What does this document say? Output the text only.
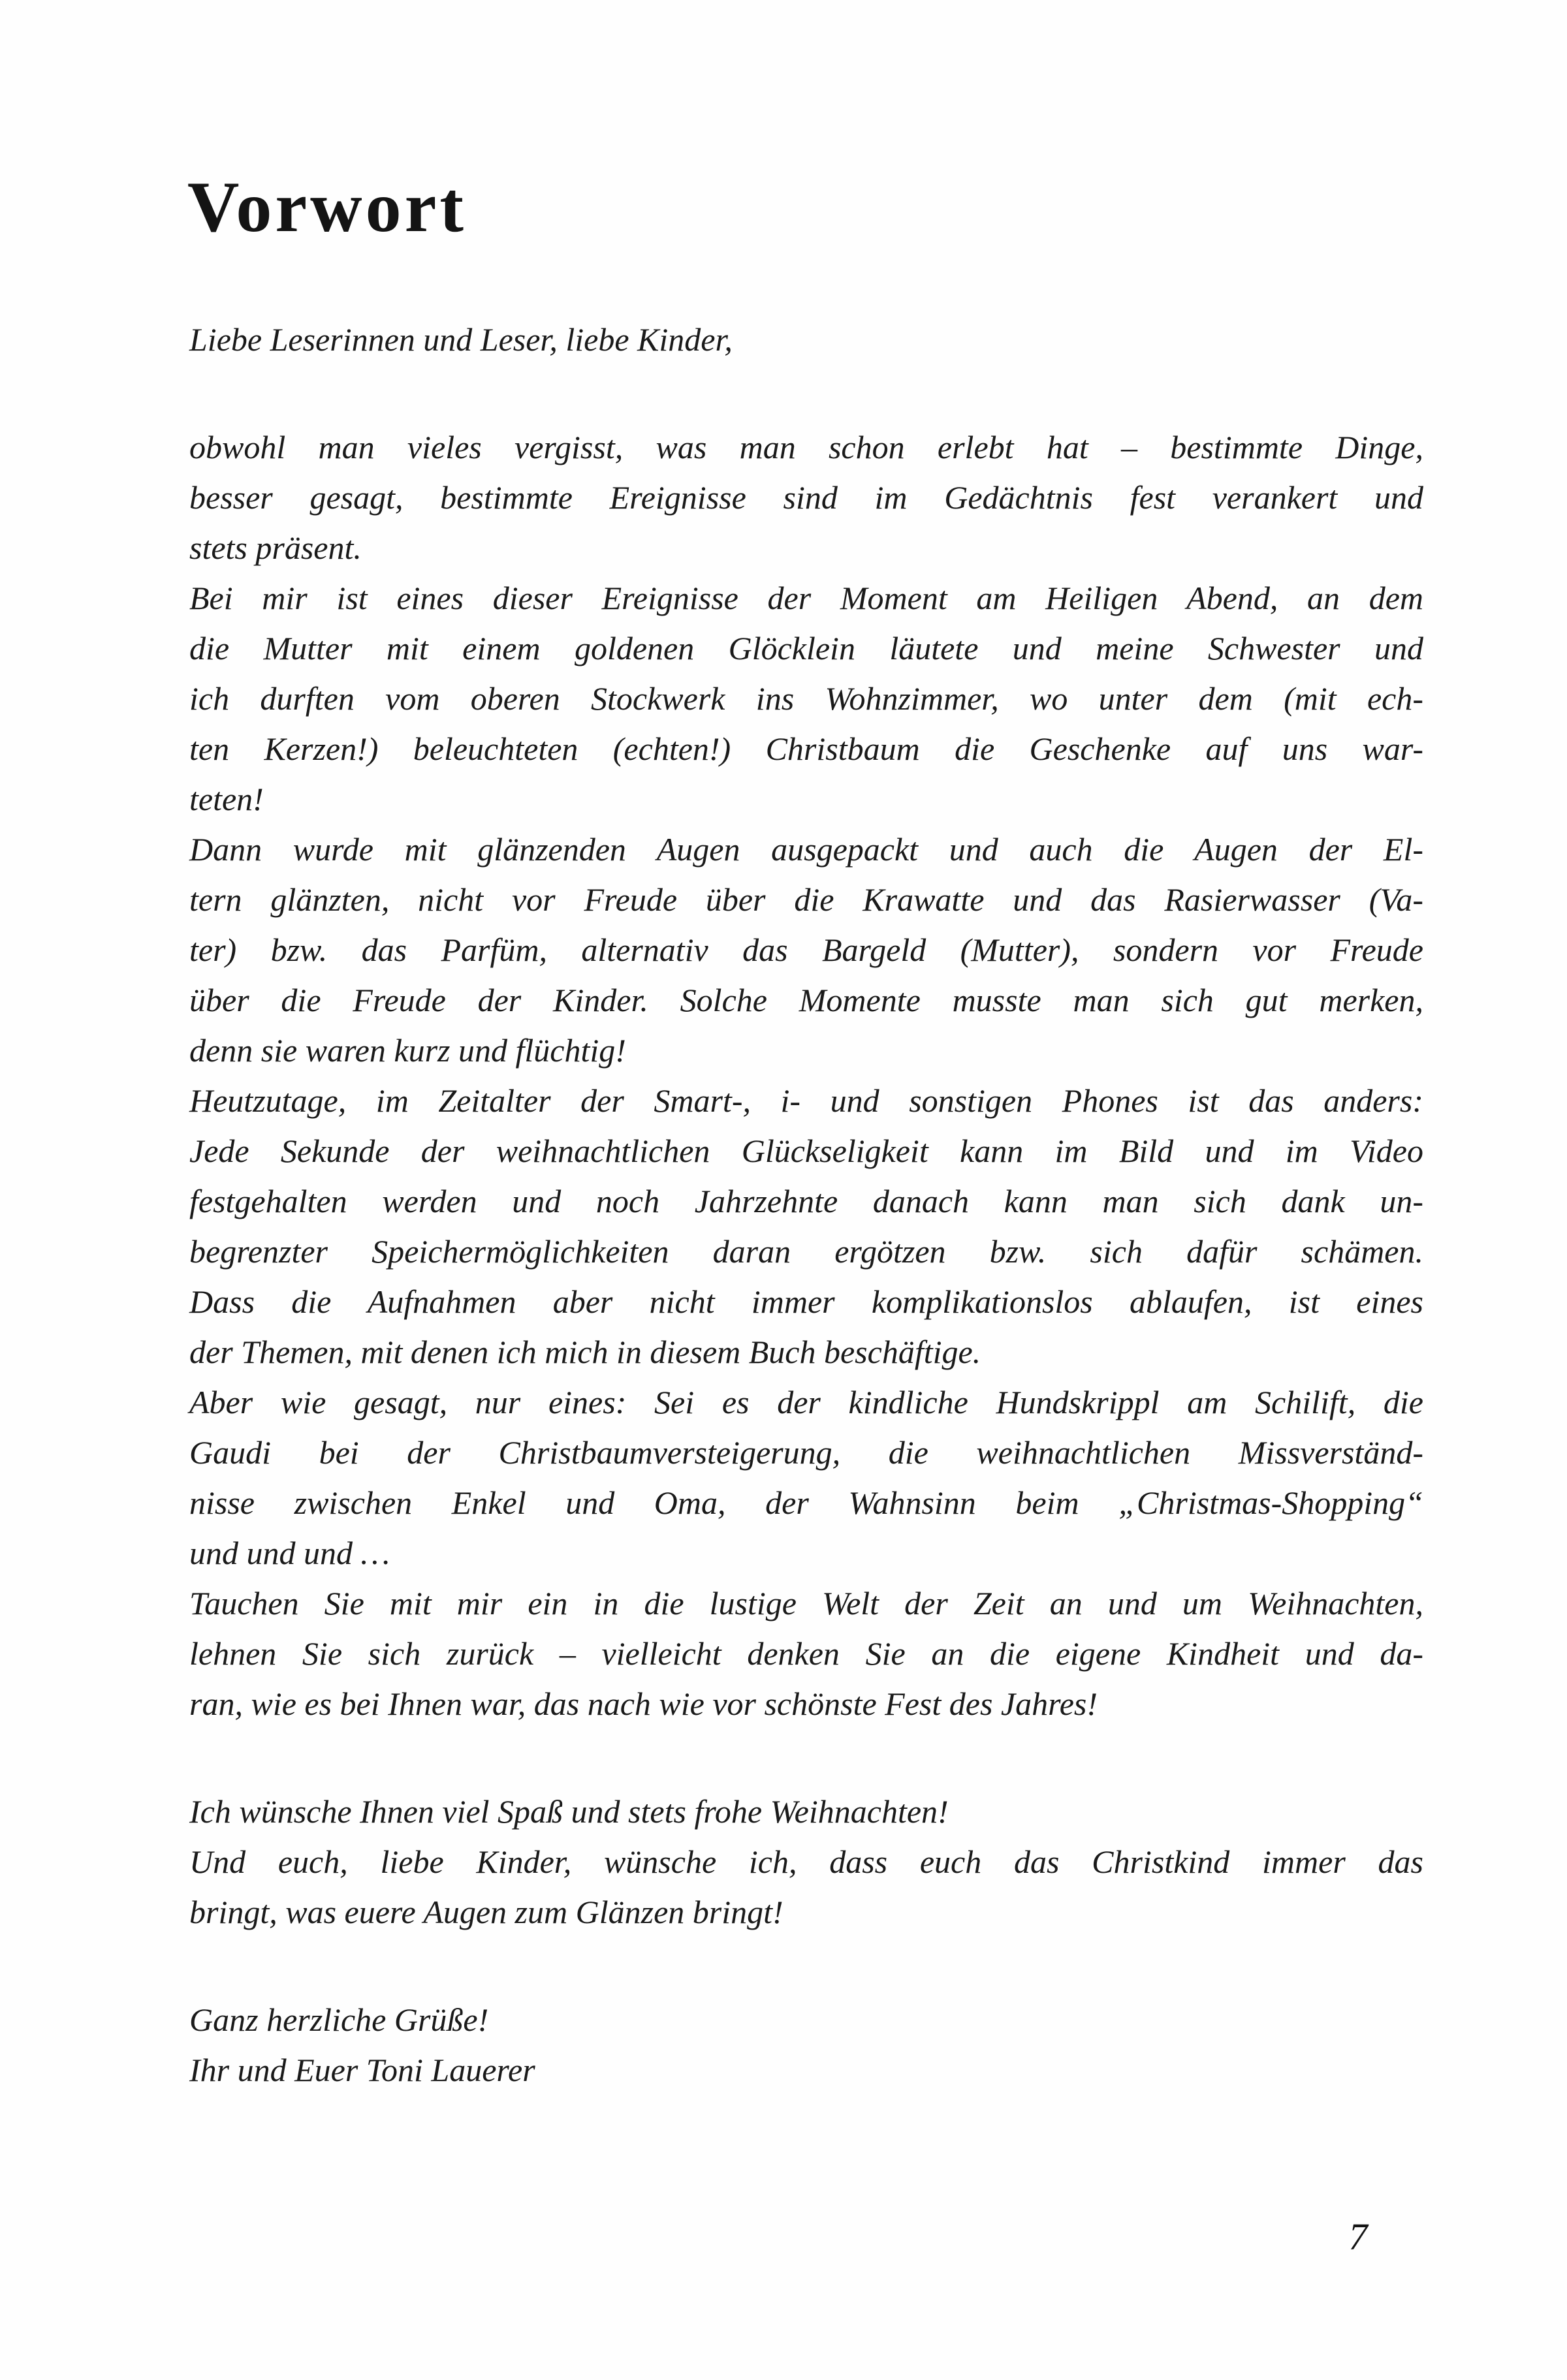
Vorwort
Liebe Leserinnen und Leser, liebe Kinder,
obwohl man vieles vergisst, was man schon erlebt hat – bestimmte Dinge,
besser gesagt, bestimmte Ereignisse sind im Gedächtnis fest verankert und
stets präsent.
Bei mir ist eines dieser Ereignisse der Moment am Heiligen Abend, an dem
die Mutter mit einem goldenen Glöcklein läutete und meine Schwester und
ich durften vom oberen Stockwerk ins Wohnzimmer, wo unter dem (mit ech-
ten Kerzen!) beleuchteten (echten!) Christbaum die Geschenke auf uns war-
teten!
Dann wurde mit glänzenden Augen ausgepackt und auch die Augen der El-
tern glänzten, nicht vor Freude über die Krawatte und das Rasierwasser (Va-
ter) bzw. das Parfüm, alternativ das Bargeld (Mutter), sondern vor Freude
über die Freude der Kinder. Solche Momente musste man sich gut merken,
denn sie waren kurz und flüchtig!
Heutzutage, im Zeitalter der Smart-, i- und sonstigen Phones ist das anders:
Jede Sekunde der weihnachtlichen Glückseligkeit kann im Bild und im Video
festgehalten werden und noch Jahrzehnte danach kann man sich dank un-
begrenzter Speichermöglichkeiten daran ergötzen bzw. sich dafür schämen.
Dass die Aufnahmen aber nicht immer komplikationslos ablaufen, ist eines
der Themen, mit denen ich mich in diesem Buch beschäftige.
Aber wie gesagt, nur eines: Sei es der kindliche Hundskrippl am Schilift, die
Gaudi bei der Christbaumversteigerung, die weihnachtlichen Missverständ-
nisse zwischen Enkel und Oma, der Wahnsinn beim „Christmas-Shopping“
und und und …
Tauchen Sie mit mir ein in die lustige Welt der Zeit an und um Weihnachten,
lehnen Sie sich zurück – vielleicht denken Sie an die eigene Kindheit und da-
ran, wie es bei Ihnen war, das nach wie vor schönste Fest des Jahres!
Ich wünsche Ihnen viel Spaß und stets frohe Weihnachten!
Und euch, liebe Kinder, wünsche ich, dass euch das Christkind immer das
bringt, was euere Augen zum Glänzen bringt!
Ganz herzliche Grüße!
Ihr und Euer Toni Lauerer
7
